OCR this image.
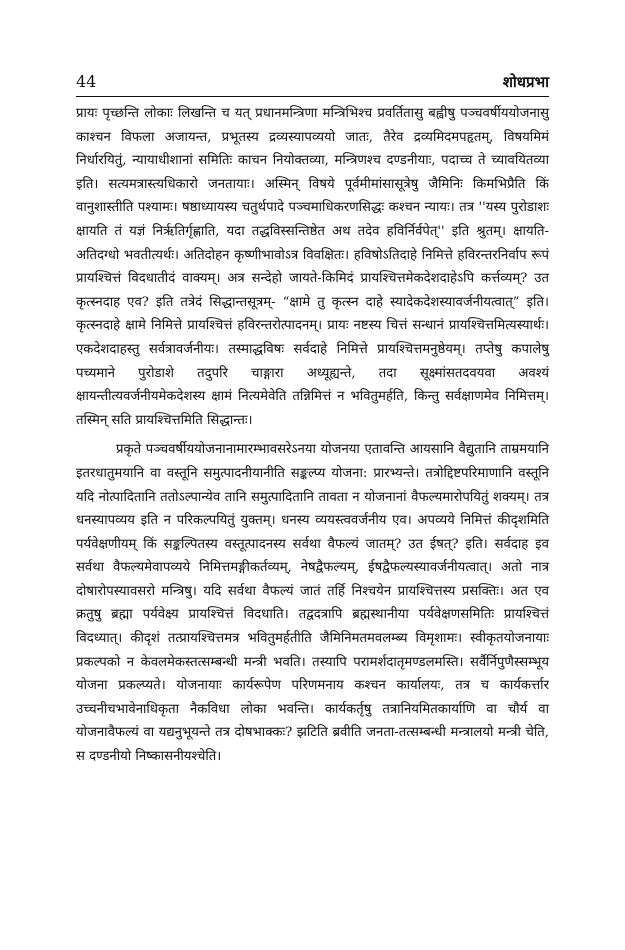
44	शोधप्रभा

प्रायः पृच्छन्ति लोकाः लिखन्ति च यत् प्रधानमन्त्रिणा मन्त्रिभिश्च प्रवर्तितासु बह्वीषु पञ्चवर्षीययोजनासु काश्चन विफला अजायन्त, प्रभूतस्य द्रव्यस्यापव्ययो जातः, तैरेव द्रव्यमिदमपहृतम्, विषयमिमं निर्धारयितुं, न्यायाधीशानां समितिः काचन नियोक्तव्या, मन्त्रिणश्च दण्डनीयाः, पदाच्च ते च्यावयितव्या इति। सत्यमत्रास्त्यधिकारो जनतायाः। अस्मिन् विषये पूर्वमीमांसासूत्रेषु जैमिनिः किमभिप्रैति किं वानुशास्तीति पश्यामः। षष्ठाध्यायस्य चतुर्थपादे पञ्चमाधिकरणसिद्धः कश्चन न्यायः। तत्र ''यस्य पुरोडाशः क्षायति तं यज्ञं निर्ऋतिर्गृह्णाति, यदा तद्धविस्सन्तिष्ठेत अथ तदेव हविर्निर्वपेत्'' इति श्रुतम्। क्षायति-अतिदग्धो भवतीत्यर्थः। अतिदोहन कृष्णीभावोऽत्र विवक्षितः। हविषोऽतिदाहे निमित्ते हविरन्तरनिर्वाप रूपं प्रायश्चित्तं विदधातीदं वाक्यम्। अत्र सन्देहो जायते-किमिदं प्रायश्चित्तमेकदेशदाहेऽपि कर्त्तव्यम्? उत कृत्स्नदाह एव? इति तत्रेदं सिद्धान्तसूत्रम्- “क्षामे तु कृत्स्न दाहे स्यादेकदेशस्यावर्जनीयत्वात्” इति। कृत्स्नदाहे क्षामे निमित्ते प्रायश्चित्तं हविरन्तरोत्पादनम्। प्रायः नष्टस्य चित्तं सन्धानं प्रायश्चित्तमित्यस्यार्थः। एकदेशदाहस्तु सर्वत्रावर्जनीयः। तस्माद्धविषः सर्वदाहे निमित्ते प्रायश्चित्तमनुष्ठेयम्। तप्तेषु कपालेषु पच्यमाने पुरोडाशे तदुपरि चाङ्गारा अध्यूह्यन्ते, तदा सूक्ष्मांसतदवयवा अवश्यं क्षायन्तीत्यवर्जनीयमेकदेशस्य क्षामं नित्यमेवेति तन्निमित्तं न भवितुमर्हति, किन्तु सर्वक्षाणमेव निमित्तम्। तस्मिन् सति प्रायश्चित्तमिति सिद्धान्तः।

प्रकृते पञ्चवर्षीययोजनानामारम्भावसरेऽनया योजनया एतावन्ति आयसानि वैद्युतानि ताम्रमयानि इतरधातुमयानि वा वस्तूनि समुत्पादनीयानीति सङ्कल्प्य योजना: प्रारभ्यन्ते। तत्रोद्दिष्टपरिमाणानि वस्तूनि यदि नोत्पादितानि ततोऽल्पान्येव तानि समुत्पादितानि तावता न योजनानां वैफल्यमारोपयितुं शक्यम्। तत्र धनस्यापव्यय इति न परिकल्पयितुं युक्तम्। धनस्य व्ययस्त्ववर्जनीय एव। अपव्यये निमित्तं कीदृशमिति पर्यवेक्षणीयम् किं सङ्कल्पितस्य वस्तूत्पादनस्य सर्वथा वैफल्यं जातम्? उत ईषत्? इति। सर्वदाह इव सर्वथा वैफल्यमेवापव्यये निमित्तमङ्गीकर्तव्यम्, नेषद्वैफल्यम्, ईषद्वैफल्यस्यावर्जनीयत्वात्। अतो नात्र दोषारोपस्यावसरो मन्त्रिषु। यदि सर्वथा वैफल्यं जातं तर्हि निश्चयेन प्रायश्चित्तस्य प्रसक्तिः। अत एव क्रतुषु ब्रह्मा पर्यवेक्ष्य प्रायश्चित्तं विदधाति। तद्वदत्रापि ब्रह्मस्थानीया पर्यवेक्षणसमितिः प्रायश्चित्तं विदध्यात्। कीदृशं तत्प्रायश्चित्तमत्र भवितुमर्हतीति जैमिनिमतमवलम्ब्य विमृशामः। स्वीकृतयोजनायाः प्रकल्पको न केवलमेकस्तत्सम्बन्धी मन्त्री भवति। तस्यापि परामर्शदातृमण्डलमस्ति। सर्वैर्निपुणैस्सम्भूय योजना प्रकल्प्यते। योजनायाः कार्यरूपेण परिणमनाय कश्चन कार्यालयः, तत्र च कार्यकर्त्तार उच्चनीचभावेनाधिकृता नैकविधा लोका भवन्ति। कार्यकर्तृषु तत्रानियमितकार्याणि वा चौर्य वा योजनावैफल्यं वा यद्यनुभूयन्ते तत्र दोषभाक्कः? झटिति ब्रवीति जनता-तत्सम्बन्धी मन्त्रालयो मन्त्री चेति, स दण्डनीयो निष्कासनीयश्चेति।
